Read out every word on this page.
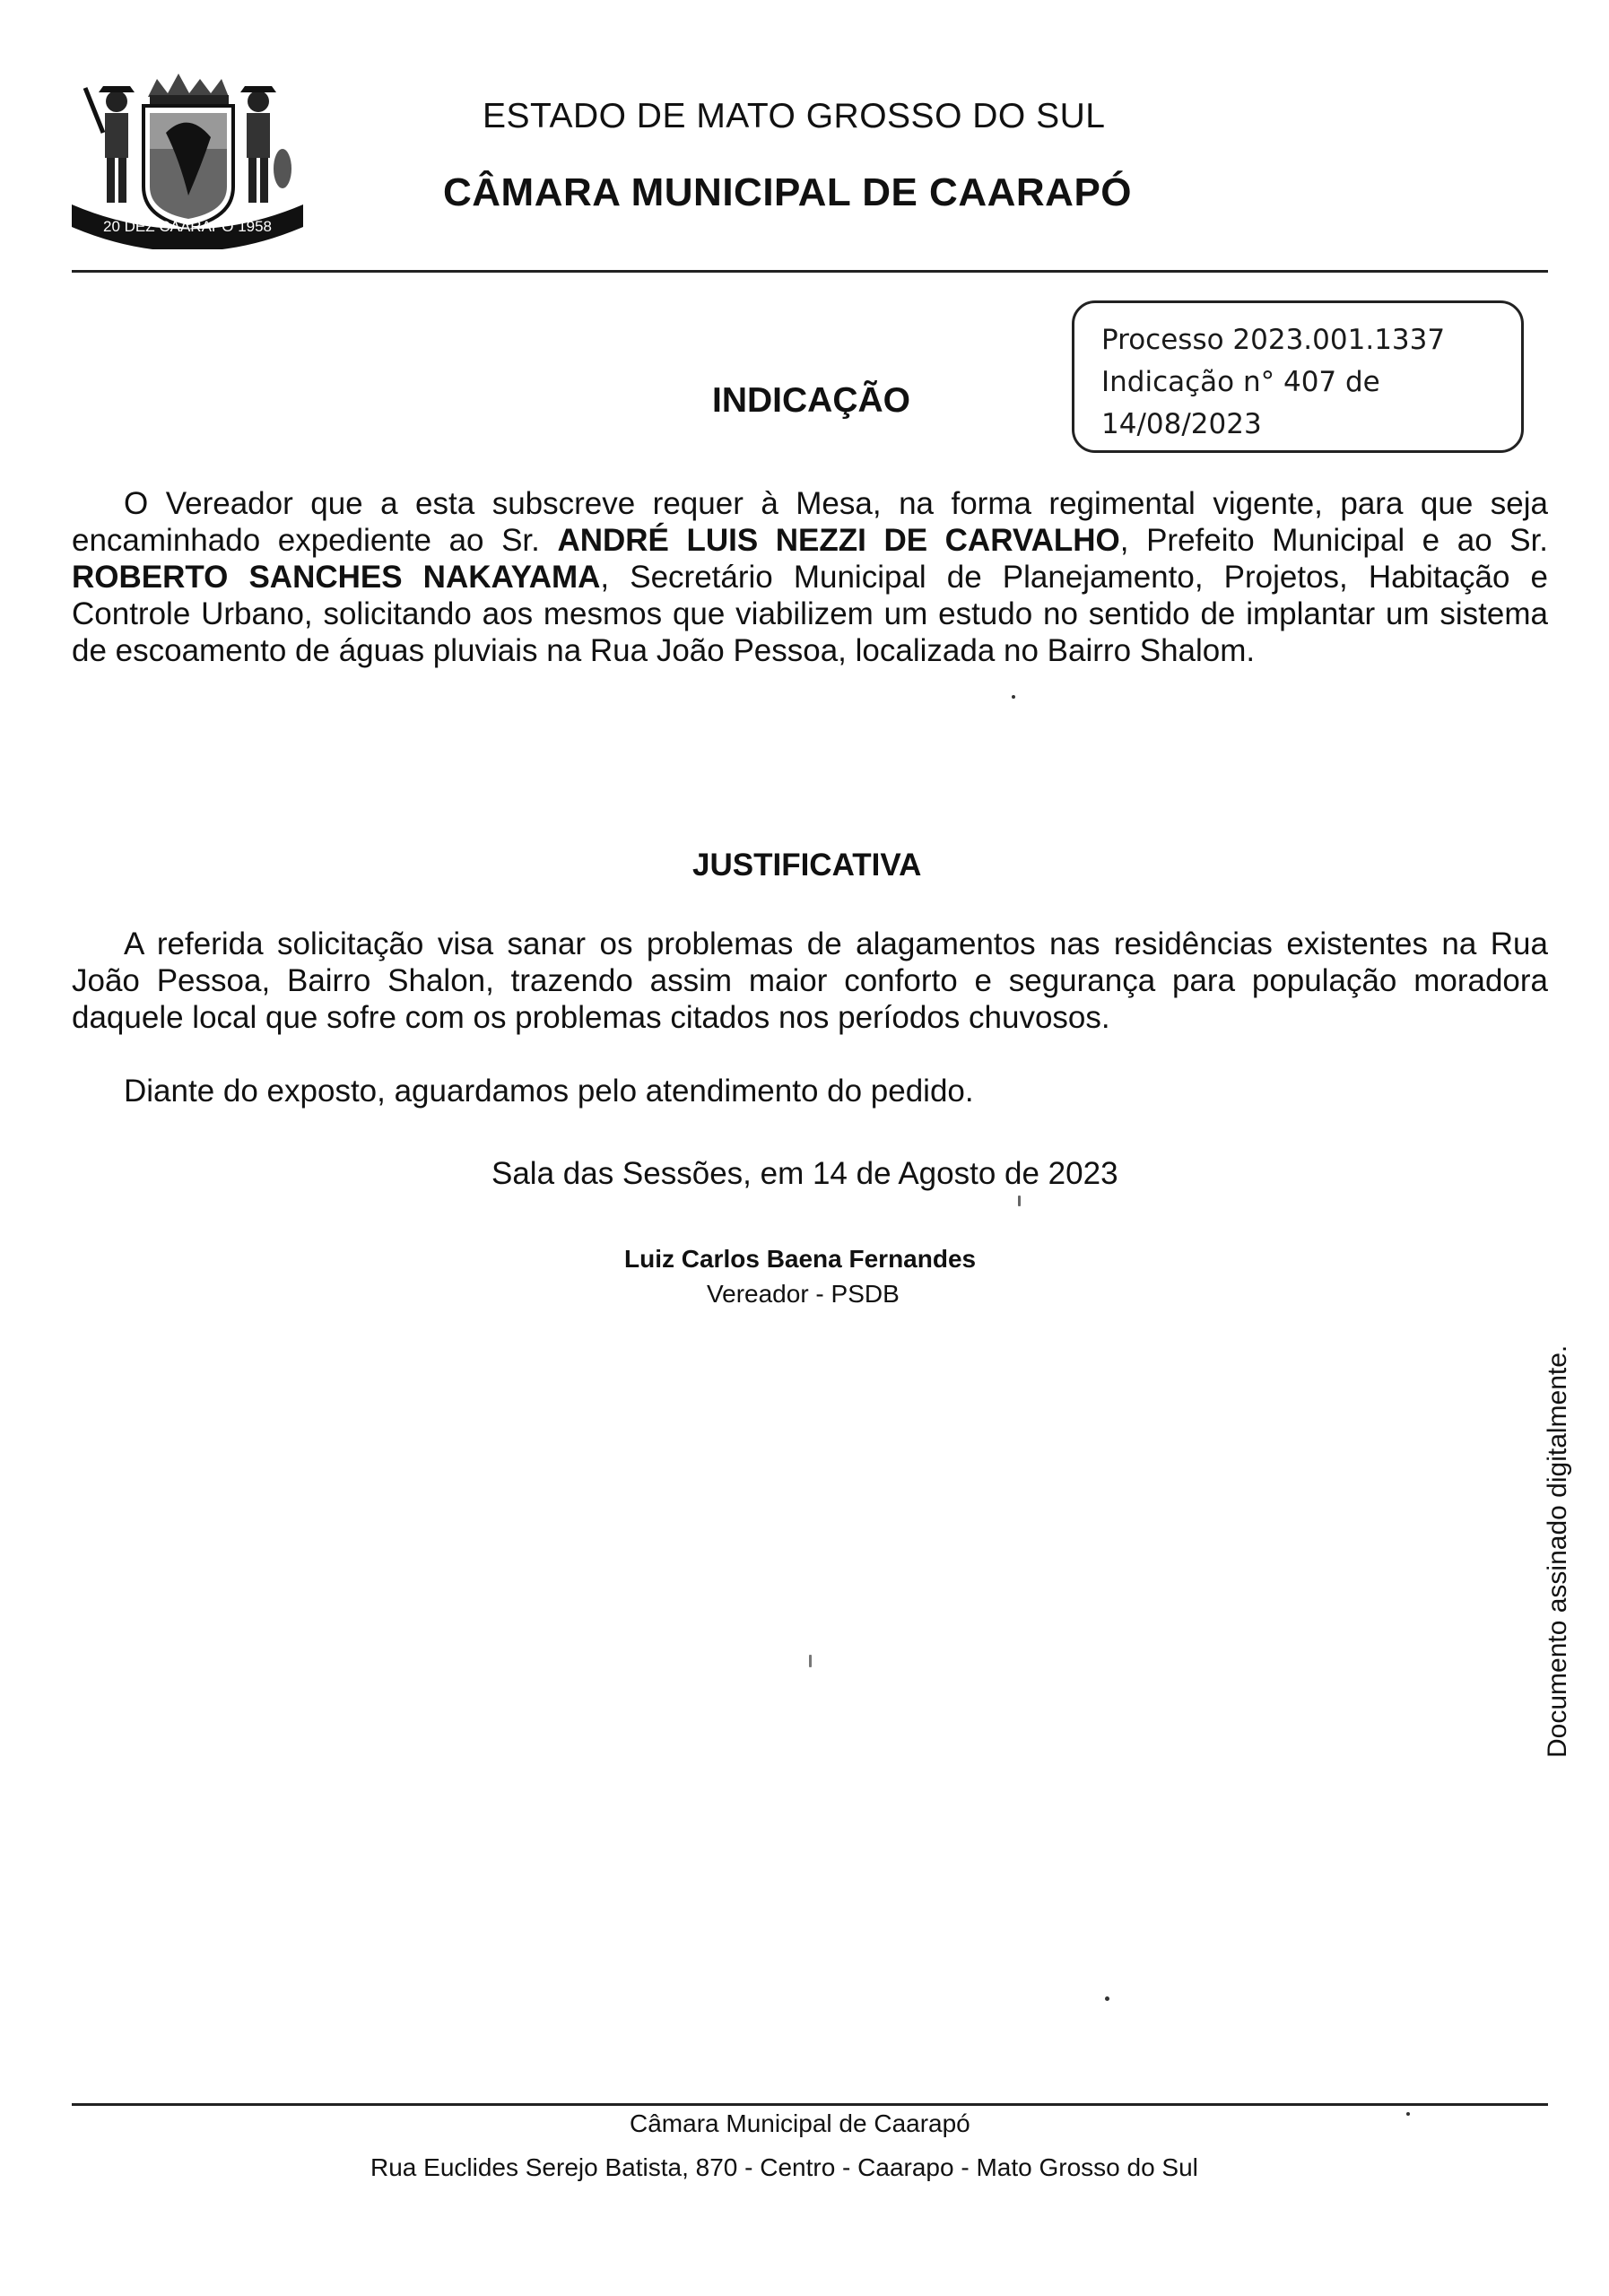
20 DEZ CAARAPÓ 1958
ESTADO DE MATO GROSSO DO SUL
CÂMARA MUNICIPAL DE CAARAPÓ
Processo 2023.001.1337
Indicação n° 407 de
14/08/2023
INDICAÇÃO
O Vereador que a esta subscreve requer à Mesa, na forma regimental vigente, para que seja encaminhado expediente ao Sr. ANDRÉ LUIS NEZZI DE CARVALHO, Prefeito Municipal e ao Sr. ROBERTO SANCHES NAKAYAMA, Secretário Municipal de Planejamento, Projetos, Habitação e Controle Urbano, solicitando aos mesmos que viabilizem um estudo no sentido de implantar um sistema de escoamento de águas pluviais na Rua João Pessoa, localizada no Bairro Shalom.
JUSTIFICATIVA
A referida solicitação visa sanar os problemas de alagamentos nas residências existentes na Rua João Pessoa, Bairro Shalon, trazendo assim maior conforto e segurança para população moradora daquele local que sofre com os problemas citados nos períodos chuvosos.
Diante do exposto, aguardamos pelo atendimento do pedido.
Sala das Sessões, em 14 de Agosto de 2023
Luiz Carlos Baena Fernandes
Vereador - PSDB
Documento assinado digitalmente.
Câmara Municipal de Caarapó
Rua Euclides Serejo Batista, 870 - Centro - Caarapo - Mato Grosso do Sul
